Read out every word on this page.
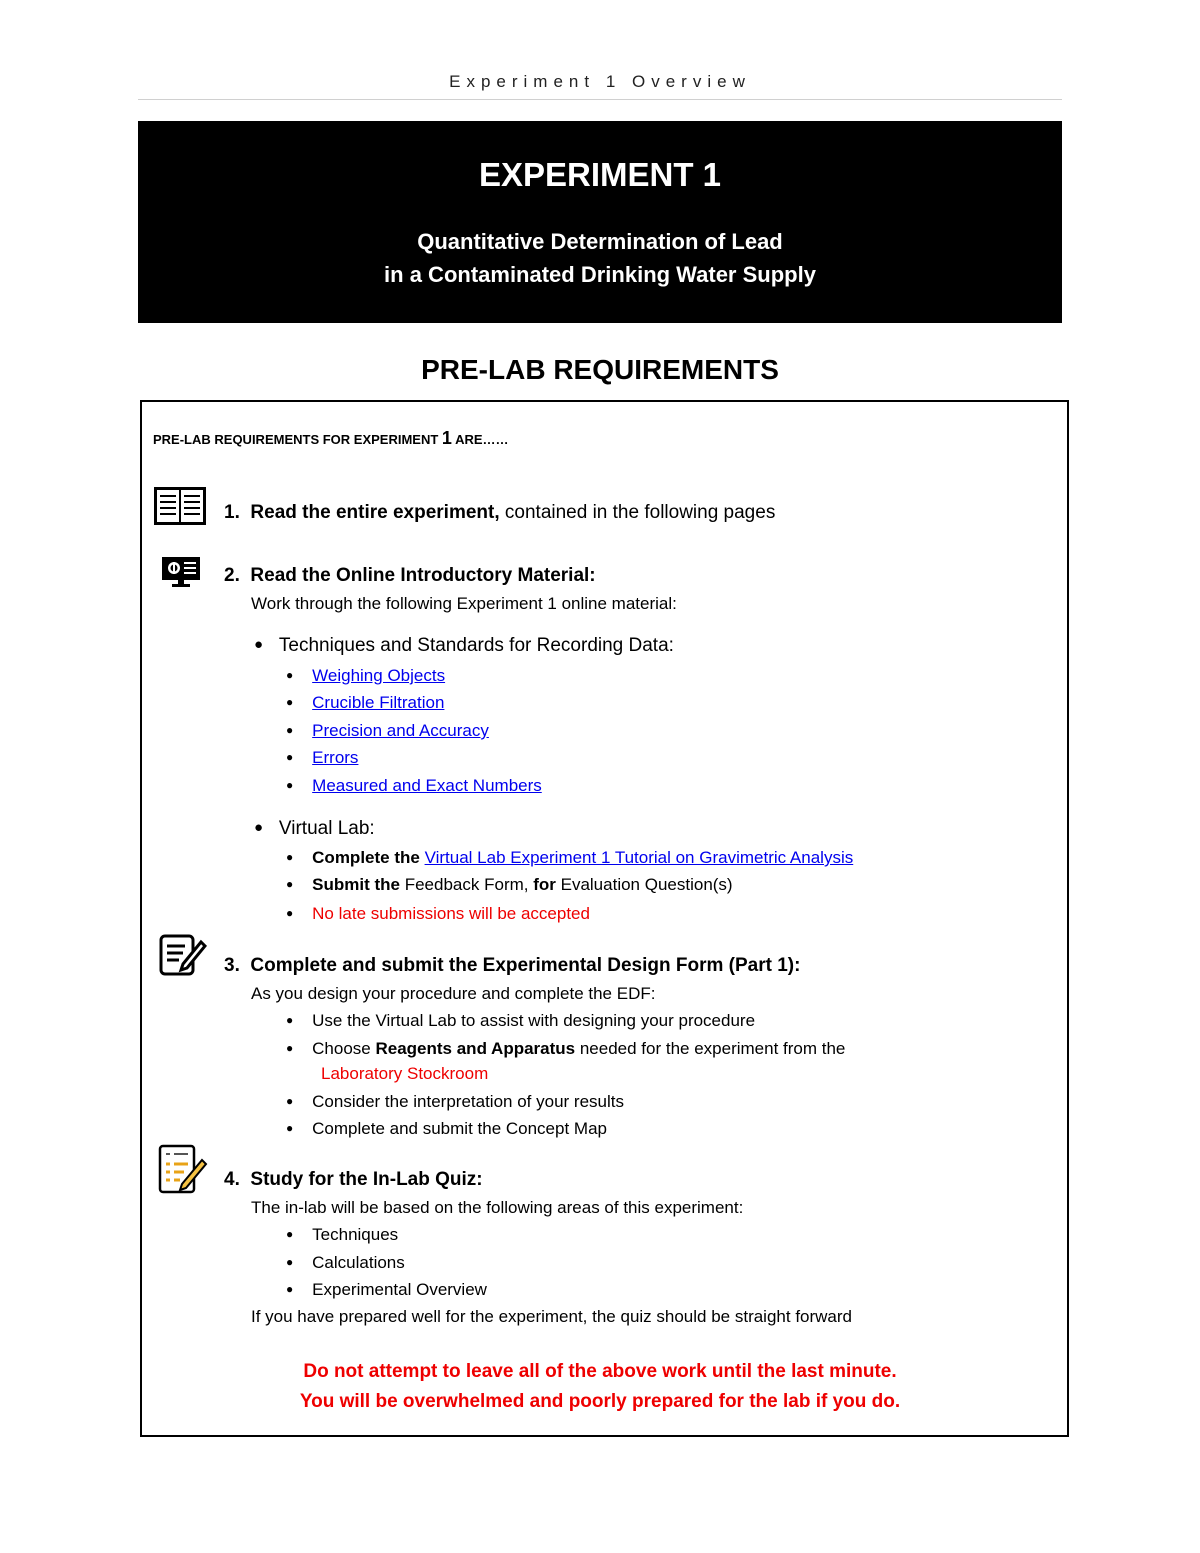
Experiment 1 Overview
EXPERIMENT 1
Quantitative Determination of Lead
in a Contaminated Drinking Water Supply
PRE-LAB REQUIREMENTS
PRE-LAB REQUIREMENTS FOR EXPERIMENT 1 ARE……
1. Read the entire experiment, contained in the following pages
2. Read the Online Introductory Material:
Work through the following Experiment 1 online material:
● Techniques and Standards for Recording Data:
● Weighing Objects
● Crucible Filtration
● Precision and Accuracy
● Errors
● Measured and Exact Numbers
● Virtual Lab:
● Complete the Virtual Lab Experiment 1 Tutorial on Gravimetric Analysis
● Submit the Feedback Form, for Evaluation Question(s)
● No late submissions will be accepted
3. Complete and submit the Experimental Design Form (Part 1):
As you design your procedure and complete the EDF:
● Use the Virtual Lab to assist with designing your procedure
● Choose Reagents and Apparatus needed for the experiment from the
Laboratory Stockroom
● Consider the interpretation of your results
● Complete and submit the Concept Map
4. Study for the In-Lab Quiz:
The in-lab will be based on the following areas of this experiment:
● Techniques
● Calculations
● Experimental Overview
If you have prepared well for the experiment, the quiz should be straight forward
Do not attempt to leave all of the above work until the last minute.
You will be overwhelmed and poorly prepared for the lab if you do.
